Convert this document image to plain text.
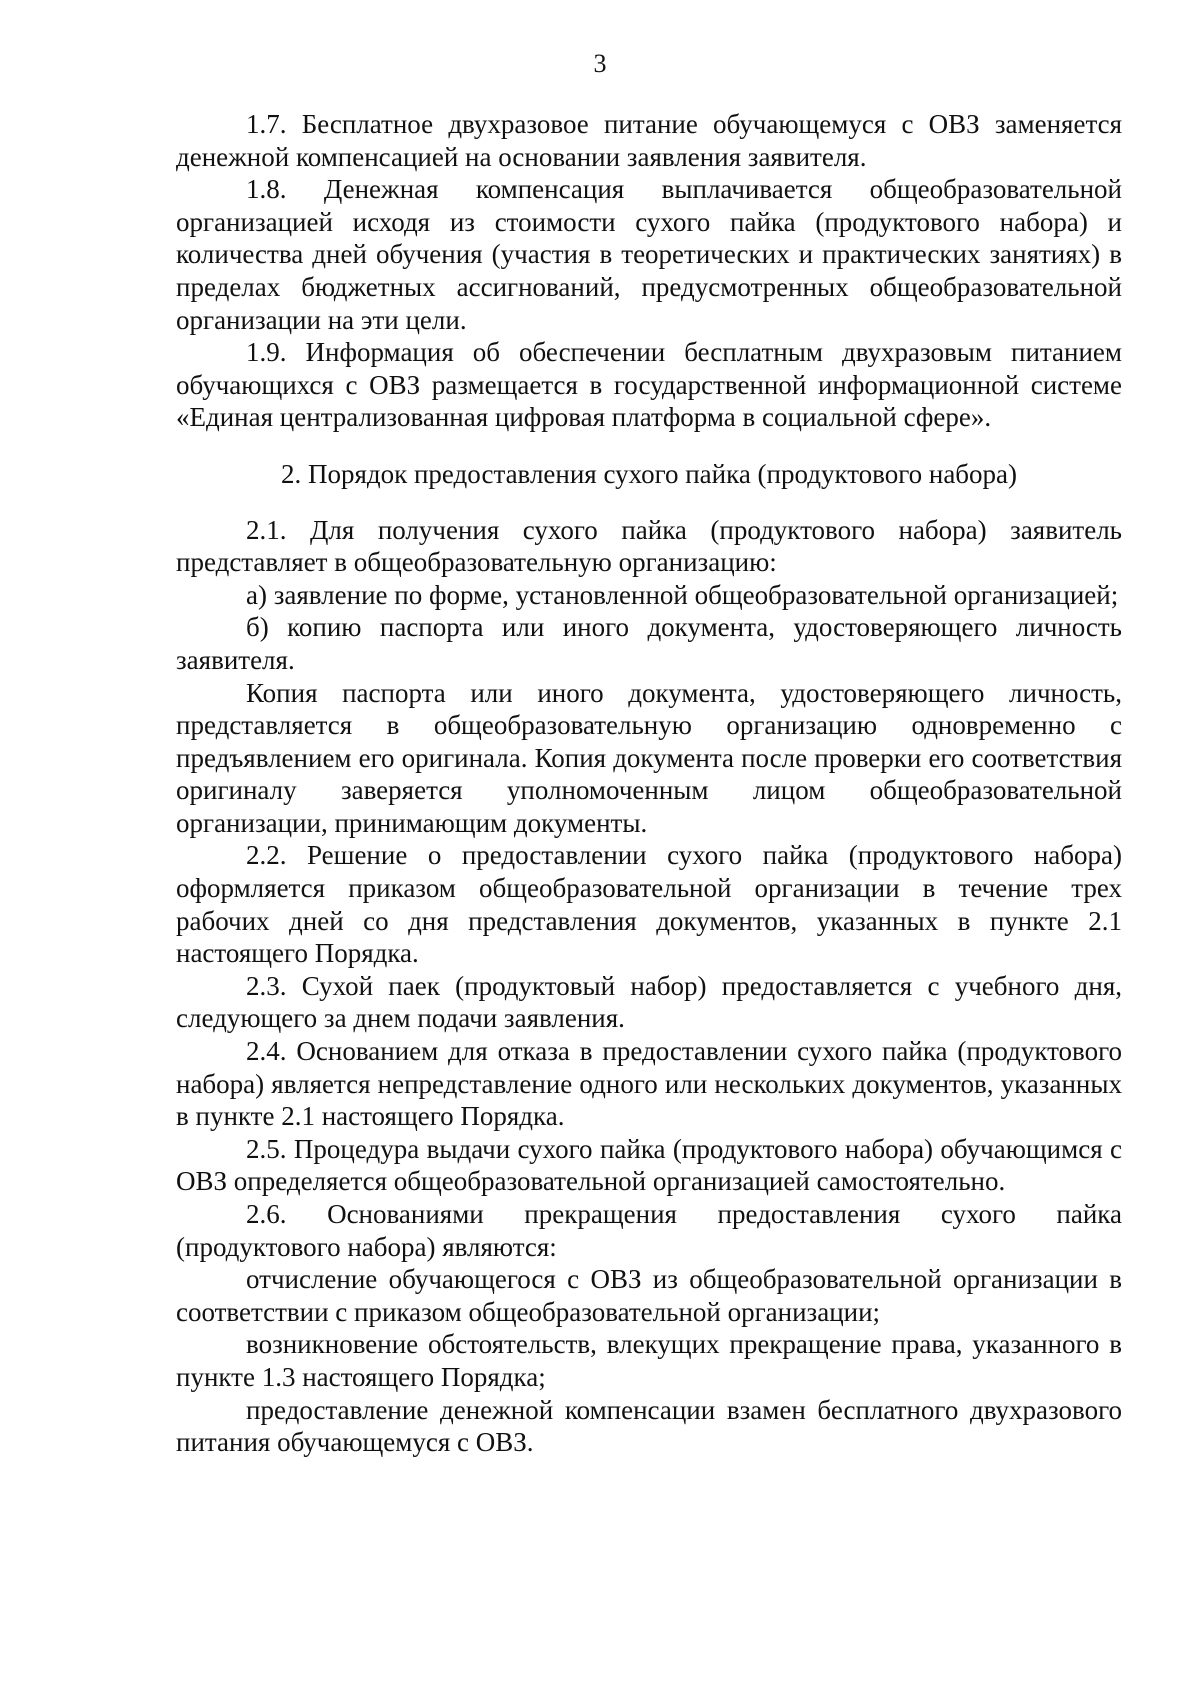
3

1.7. Бесплатное двухразовое питание обучающемуся с ОВЗ заменяется денежной компенсацией на основании заявления заявителя.

1.8. Денежная компенсация выплачивается общеобразовательной организацией исходя из стоимости сухого пайка (продуктового набора) и количества дней обучения (участия в теоретических и практических занятиях) в пределах бюджетных ассигнований, предусмотренных общеобразовательной организации на эти цели.

1.9. Информация об обеспечении бесплатным двухразовым питанием обучающихся с ОВЗ размещается в государственной информационной системе «Единая централизованная цифровая платформа в социальной сфере».

2. Порядок предоставления сухого пайка (продуктового набора)

2.1. Для получения сухого пайка (продуктового набора) заявитель представляет в общеобразовательную организацию:

а) заявление по форме, установленной общеобразовательной организацией;

б) копию паспорта или иного документа, удостоверяющего личность заявителя.

Копия паспорта или иного документа, удостоверяющего личность, представляется в общеобразовательную организацию одновременно с предъявлением его оригинала. Копия документа после проверки его соответствия оригиналу заверяется уполномоченным лицом общеобразовательной организации, принимающим документы.

2.2. Решение о предоставлении сухого пайка (продуктового набора) оформляется приказом общеобразовательной организации в течение трех рабочих дней со дня представления документов, указанных в пункте 2.1 настоящего Порядка.

2.3. Сухой паек (продуктовый набор) предоставляется с учебного дня, следующего за днем подачи заявления.

2.4. Основанием для отказа в предоставлении сухого пайка (продуктового набора) является непредставление одного или нескольких документов, указанных в пункте 2.1 настоящего Порядка.

2.5. Процедура выдачи сухого пайка (продуктового набора) обучающимся с ОВЗ определяется общеобразовательной организацией самостоятельно.

2.6. Основаниями прекращения предоставления сухого пайка (продуктового набора) являются:

отчисление обучающегося с ОВЗ из общеобразовательной организации в соответствии с приказом общеобразовательной организации;

возникновение обстоятельств, влекущих прекращение права, указанного в пункте 1.3 настоящего Порядка;

предоставление денежной компенсации взамен бесплатного двухразового питания обучающемуся с ОВЗ.
